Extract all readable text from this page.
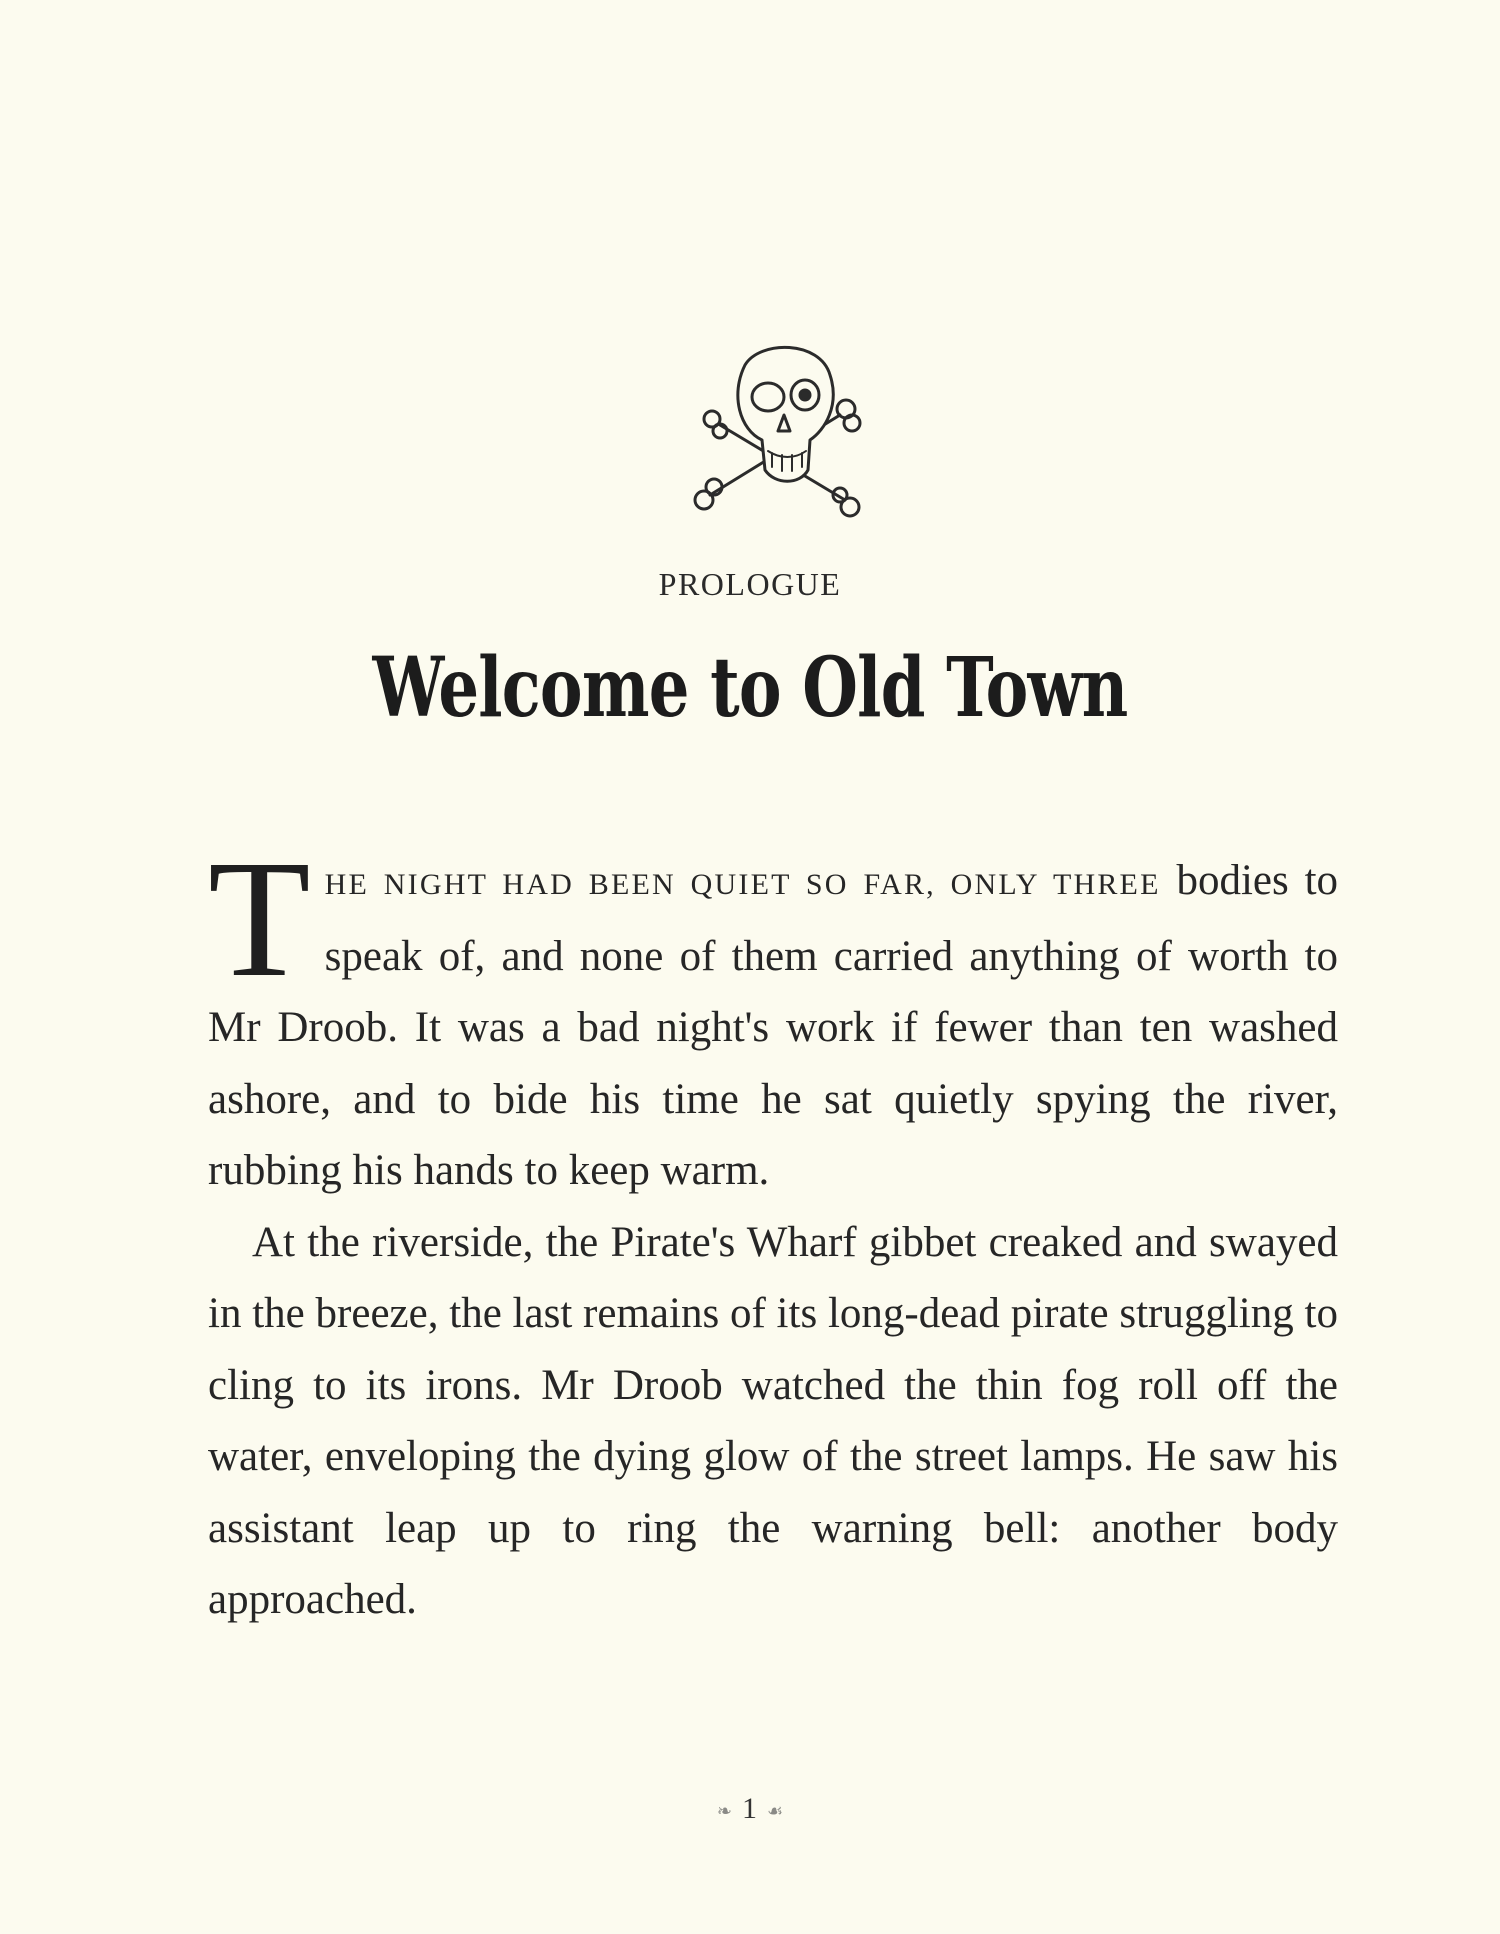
PROLOGUE
Welcome to Old Town

THE NIGHT HAD BEEN QUIET SO FAR, ONLY THREE bodies to speak of, and none of them carried anything of worth to Mr Droob. It was a bad night's work if fewer than ten washed ashore, and to bide his time he sat quietly spying the river, rubbing his hands to keep warm.

At the riverside, the Pirate's Wharf gibbet creaked and swayed in the breeze, the last remains of its long-dead pirate struggling to cling to its irons. Mr Droob watched the thin fog roll off the water, enveloping the dying glow of the street lamps. He saw his assistant leap up to ring the warning bell: another body approached.

❧ 1 ☙
